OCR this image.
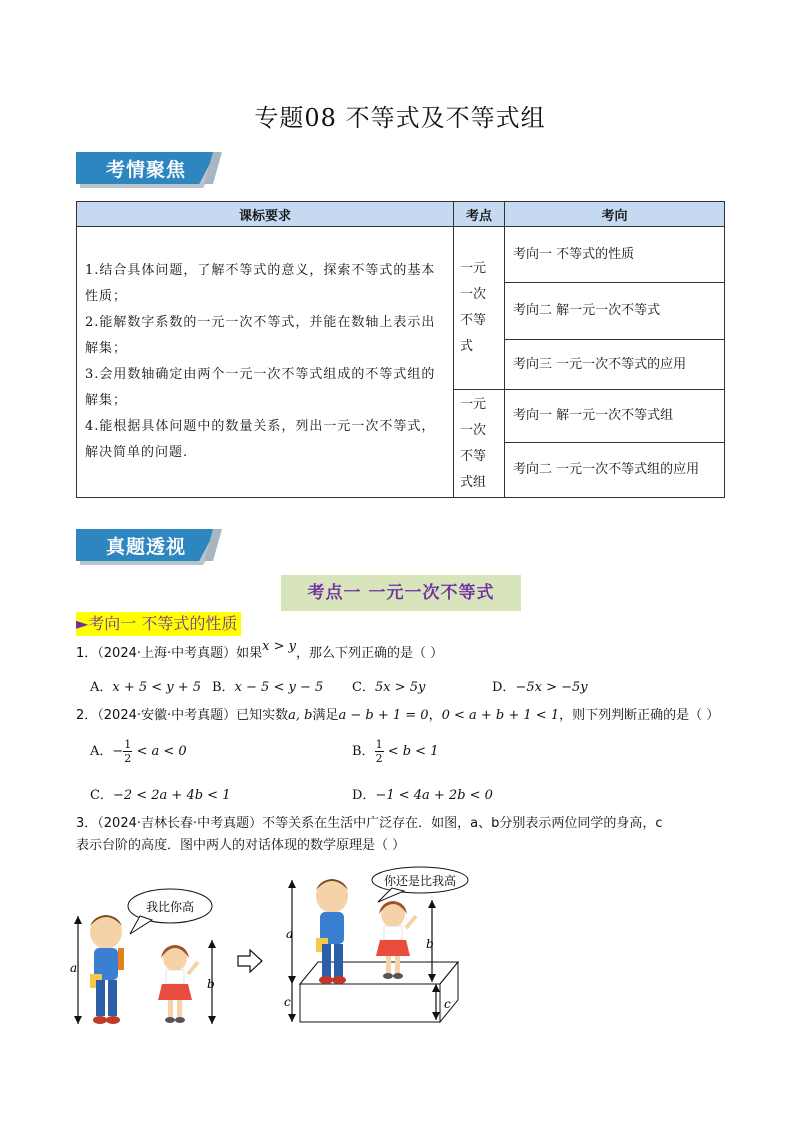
专题08 不等式及不等式组
考情聚焦
课标要求	考点	考向

1.结合具体问题，了解不等式的意义，探索不等式的基本性质；
2.能解数字系数的一元一次不等式，并能在数轴上表示出解集；
3.会用数轴确定由两个一元一次不等式组成的不等式组的解集；
4.能根据具体问题中的数量关系，列出一元一次不等式，解决简单的问题.	一元一次不等式	考向一 不等式的性质
		考向二 解一元一次不等式
		考向三 一元一次不等式的应用
	一元一次不等式组	考向一 解一元一次不等式组
		考向二 一元一次不等式组的应用
真题透视
考点一 一元一次不等式
►考向一 不等式的性质
1．（2024·上海·中考真题）如果x > y，那么下列正确的是（ ）
A．x + 5 < y + 5 B．x − 5 < y − 5 C．5x > 5y	D．−5x > −5y
2．（2024·安徽·中考真题）已知实数a, b满足a − b + 1 = 0，0 < a + b + 1 < 1，则下列判断正确的是（ ）
A．− $\frac{1}{2} < a < 0$	B． $\frac{1}{2} < b < 1$
C．−2 < 2a + 4b < 1	D．−1 < 4a + 2b < 0
3．（2024·吉林长春·中考真题）不等关系在生活中广泛存在．如图，a、b分别表示两位同学的身高，c
表示台阶的高度．图中两人的对话体现的数学原理是（ ）
a
b
我比你高
a
c
b
c
你还是比我高
